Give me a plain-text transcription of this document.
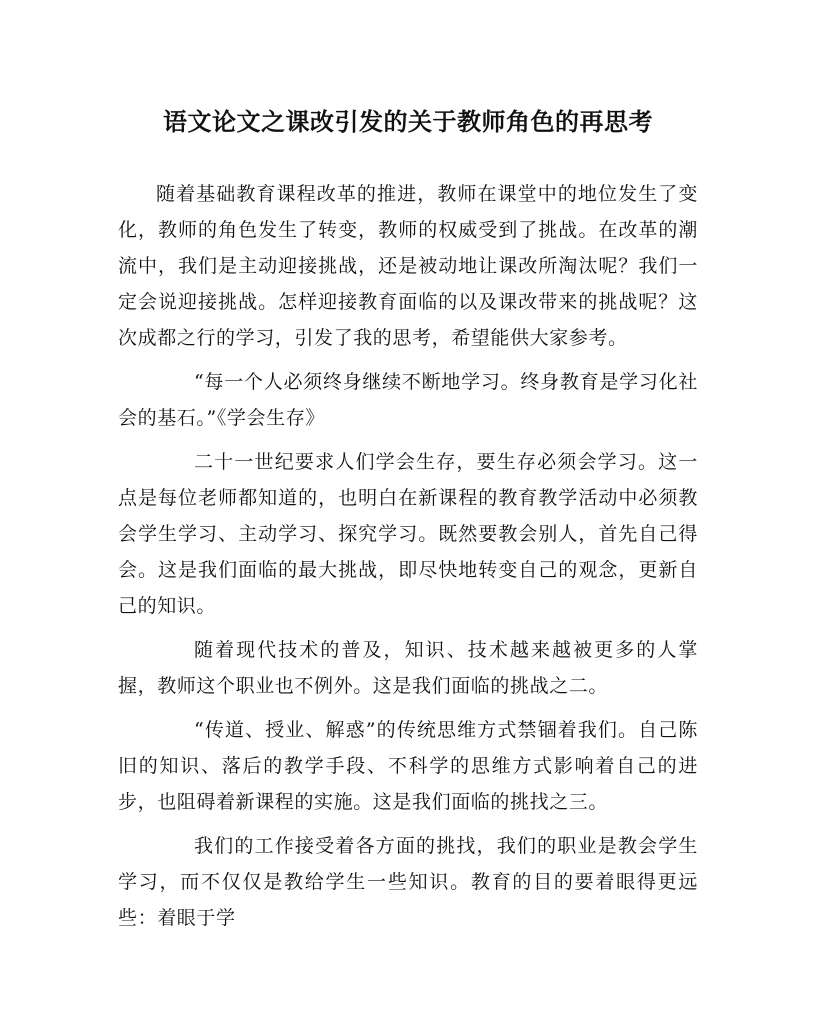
语文论文之课改引发的关于教师角色的再思考

随着基础教育课程改革的推进，教师在课堂中的地位发生了变化，教师的角色发生了转变，教师的权威受到了挑战。在改革的潮流中，我们是主动迎接挑战，还是被动地让课改所淘汰呢？我们一定会说迎接挑战。怎样迎接教育面临的以及课改带来的挑战呢？这次成都之行的学习，引发了我的思考，希望能供大家参考。

“每一个人必须终身继续不断地学习。终身教育是学习化社会的基石。”《学会生存》

二十一世纪要求人们学会生存，要生存必须会学习。这一点是每位老师都知道的，也明白在新课程的教育教学活动中必须教会学生学习、主动学习、探究学习。既然要教会别人，首先自己得会。这是我们面临的最大挑战，即尽快地转变自己的观念，更新自己的知识。

随着现代技术的普及，知识、技术越来越被更多的人掌握，教师这个职业也不例外。这是我们面临的挑战之二。

“传道、授业、解惑”的传统思维方式禁锢着我们。自己陈旧的知识、落后的教学手段、不科学的思维方式影响着自己的进步，也阻碍着新课程的实施。这是我们面临的挑找之三。

我们的工作接受着各方面的挑找，我们的职业是教会学生学习，而不仅仅是教给学生一些知识。教育的目的要着眼得更远些：着眼于学
